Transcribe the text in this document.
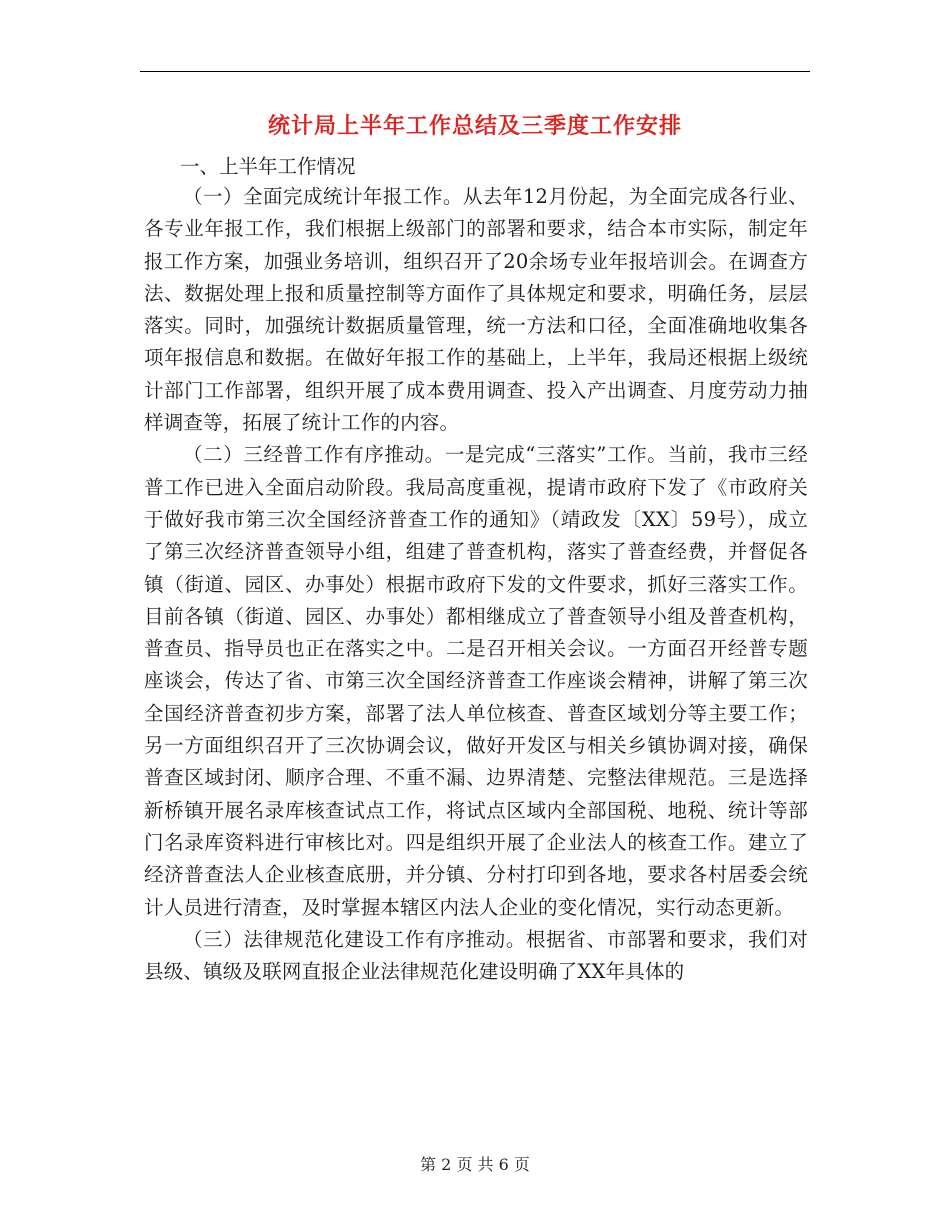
统计局上半年工作总结及三季度工作安排
一、上半年工作情况

（一）全面完成统计年报工作。从去年12月份起，为全面完成各行业、各专业年报工作，我们根据上级部门的部署和要求，结合本市实际，制定年报工作方案，加强业务培训，组织召开了20余场专业年报培训会。在调查方法、数据处理上报和质量控制等方面作了具体规定和要求，明确任务，层层落实。同时，加强统计数据质量管理，统一方法和口径，全面准确地收集各项年报信息和数据。在做好年报工作的基础上，上半年，我局还根据上级统计部门工作部署，组织开展了成本费用调查、投入产出调查、月度劳动力抽样调查等，拓展了统计工作的内容。

（二）三经普工作有序推动。一是完成“三落实”工作。当前，我市三经普工作已进入全面启动阶段。我局高度重视，提请市政府下发了《市政府关于做好我市第三次全国经济普查工作的通知》（靖政发〔XX〕59号），成立了第三次经济普查领导小组，组建了普查机构，落实了普查经费，并督促各镇（街道、园区、办事处）根据市政府下发的文件要求，抓好三落实工作。目前各镇（街道、园区、办事处）都相继成立了普查领导小组及普查机构，普查员、指导员也正在落实之中。二是召开相关会议。一方面召开经普专题座谈会，传达了省、市第三次全国经济普查工作座谈会精神，讲解了第三次全国经济普查初步方案，部署了法人单位核查、普查区域划分等主要工作；另一方面组织召开了三次协调会议，做好开发区与相关乡镇协调对接，确保普查区域封闭、顺序合理、不重不漏、边界清楚、完整法律规范。三是选择新桥镇开展名录库核查试点工作，将试点区域内全部国税、地税、统计等部门名录库资料进行审核比对。四是组织开展了企业法人的核查工作。建立了经济普查法人企业核查底册，并分镇、分村打印到各地，要求各村居委会统计人员进行清查，及时掌握本辖区内法人企业的变化情况，实行动态更新。

（三）法律规范化建设工作有序推动。根据省、市部署和要求，我们对县级、镇级及联网直报企业法律规范化建设明确了XX年具体的

第 2 页 共 6 页
